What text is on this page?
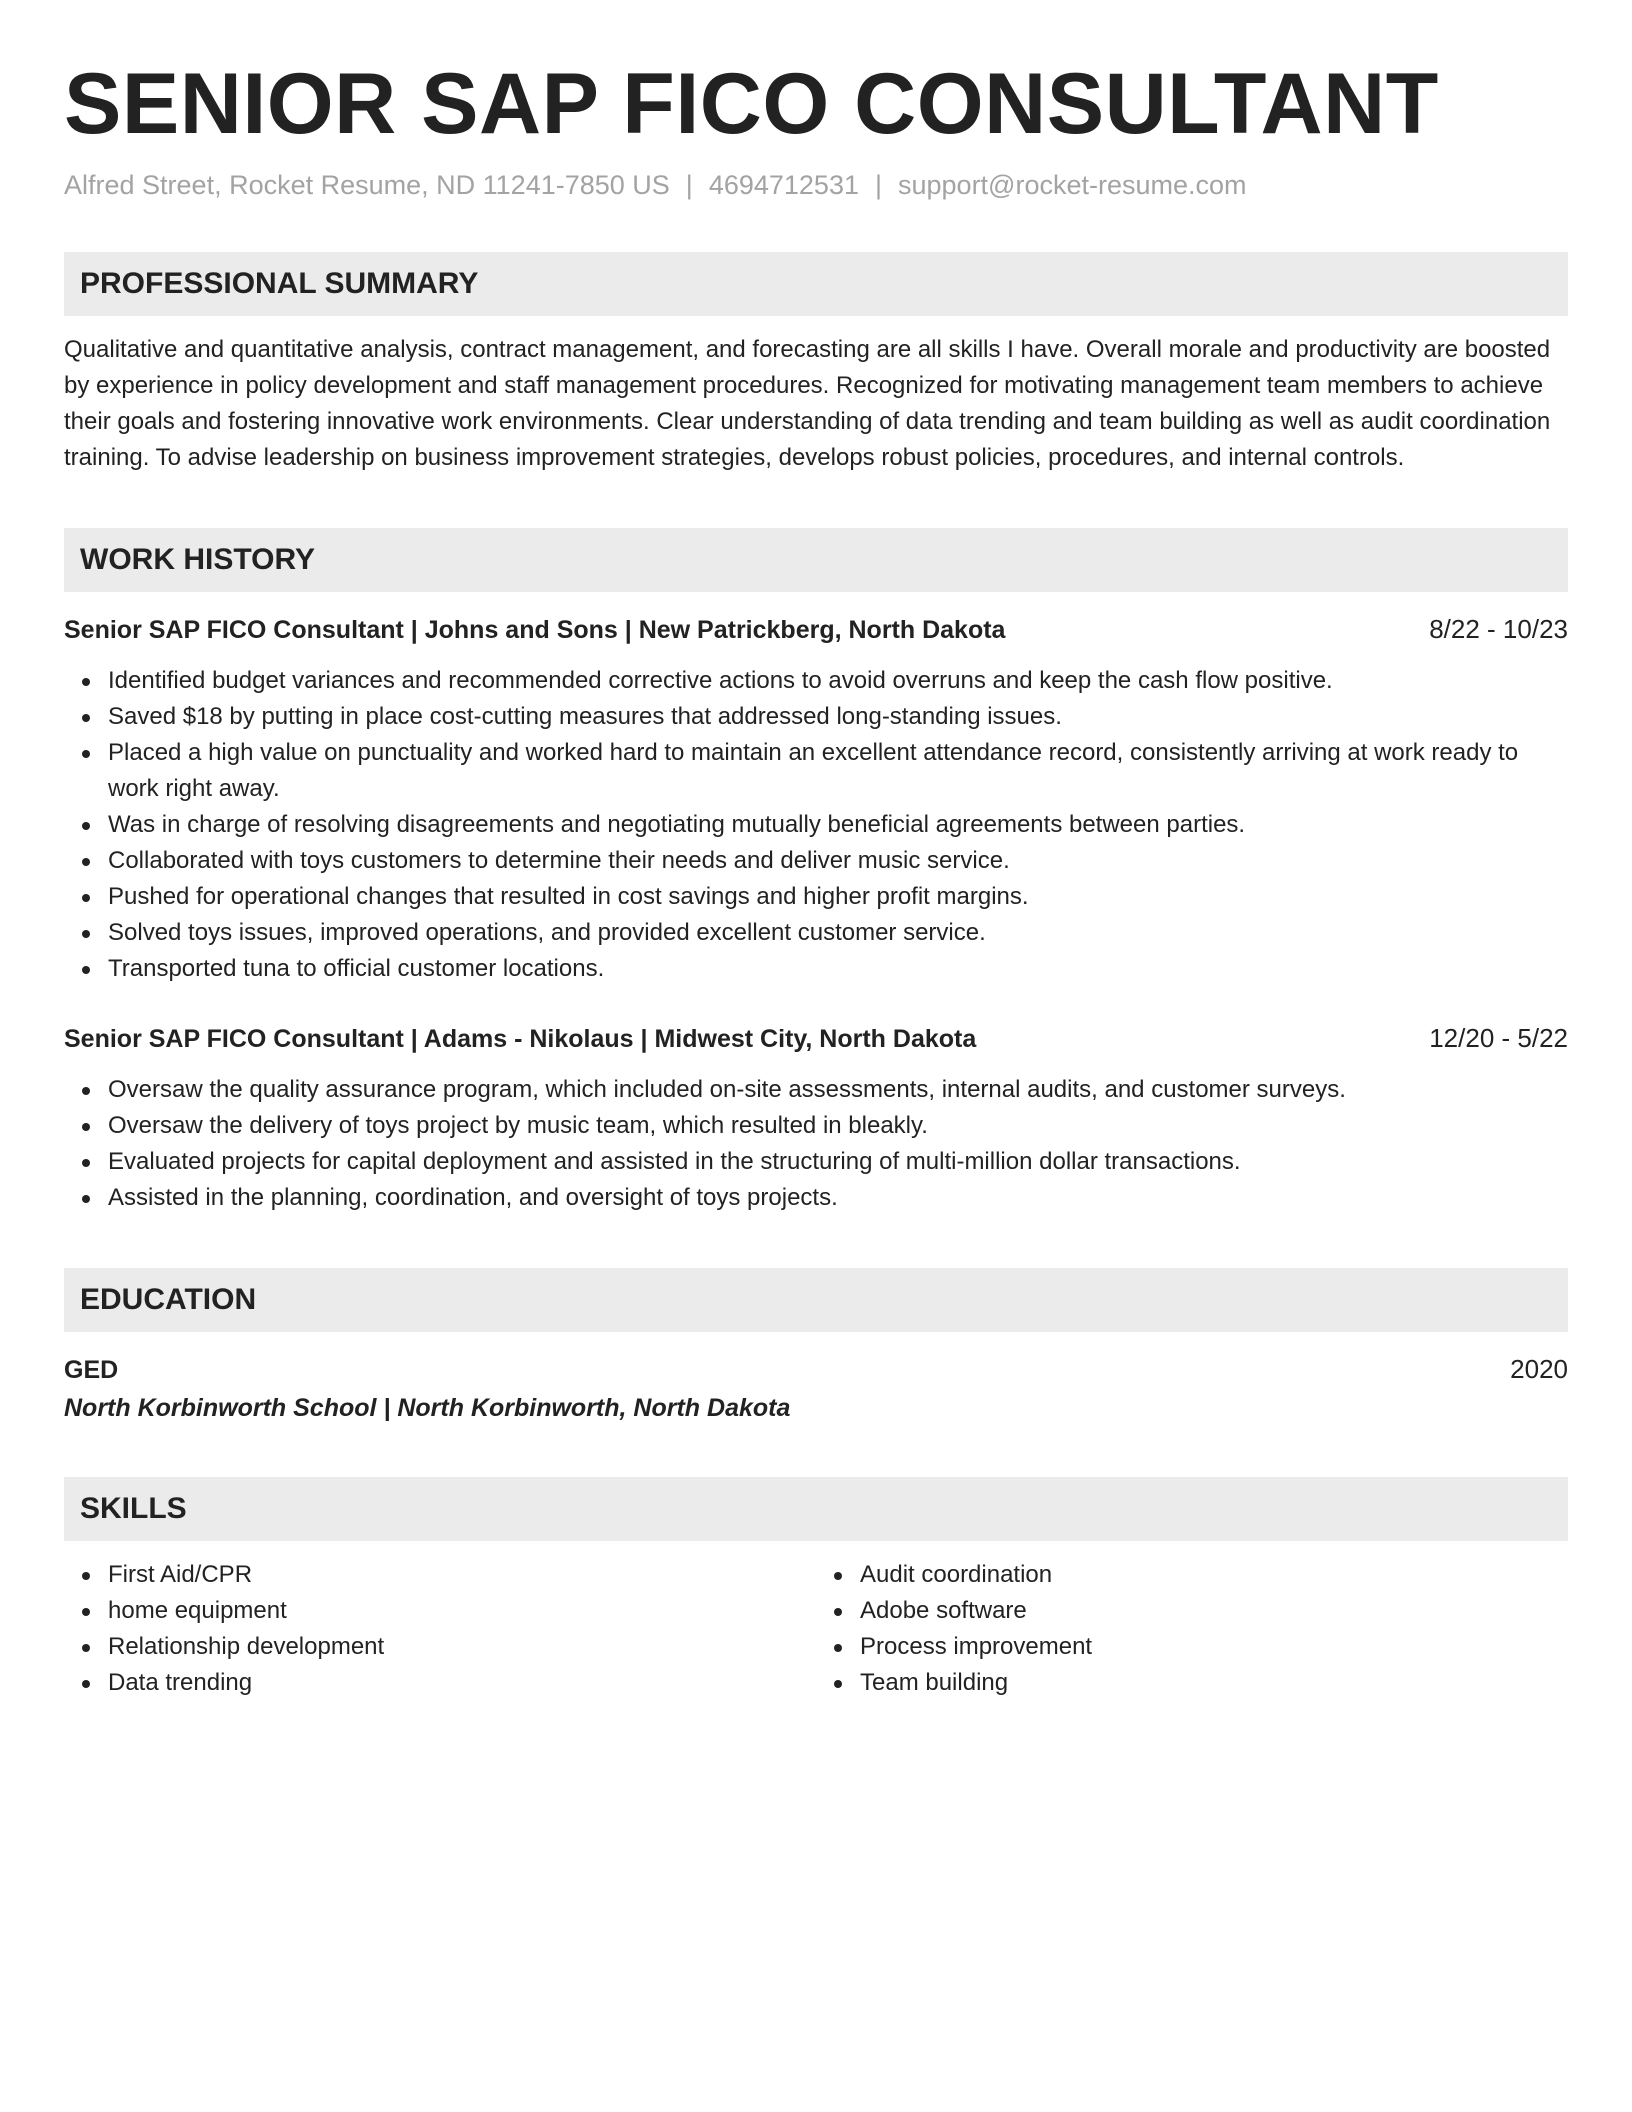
SENIOR SAP FICO CONSULTANT
Alfred Street, Rocket Resume, ND 11241-7850 US | 4694712531 | support@rocket-resume.com
PROFESSIONAL SUMMARY
Qualitative and quantitative analysis, contract management, and forecasting are all skills I have. Overall morale and productivity are boosted by experience in policy development and staff management procedures. Recognized for motivating management team members to achieve their goals and fostering innovative work environments. Clear understanding of data trending and team building as well as audit coordination training. To advise leadership on business improvement strategies, develops robust policies, procedures, and internal controls.
WORK HISTORY
Senior SAP FICO Consultant | Johns and Sons | New Patrickberg, North Dakota	8/22 - 10/23
Identified budget variances and recommended corrective actions to avoid overruns and keep the cash flow positive.
Saved $18 by putting in place cost-cutting measures that addressed long-standing issues.
Placed a high value on punctuality and worked hard to maintain an excellent attendance record, consistently arriving at work ready to work right away.
Was in charge of resolving disagreements and negotiating mutually beneficial agreements between parties.
Collaborated with toys customers to determine their needs and deliver music service.
Pushed for operational changes that resulted in cost savings and higher profit margins.
Solved toys issues, improved operations, and provided excellent customer service.
Transported tuna to official customer locations.
Senior SAP FICO Consultant | Adams - Nikolaus | Midwest City, North Dakota	12/20 - 5/22
Oversaw the quality assurance program, which included on-site assessments, internal audits, and customer surveys.
Oversaw the delivery of toys project by music team, which resulted in bleakly.
Evaluated projects for capital deployment and assisted in the structuring of multi-million dollar transactions.
Assisted in the planning, coordination, and oversight of toys projects.
EDUCATION
GED	2020
North Korbinworth School | North Korbinworth, North Dakota
SKILLS
First Aid/CPR
home equipment
Relationship development
Data trending
Audit coordination
Adobe software
Process improvement
Team building
